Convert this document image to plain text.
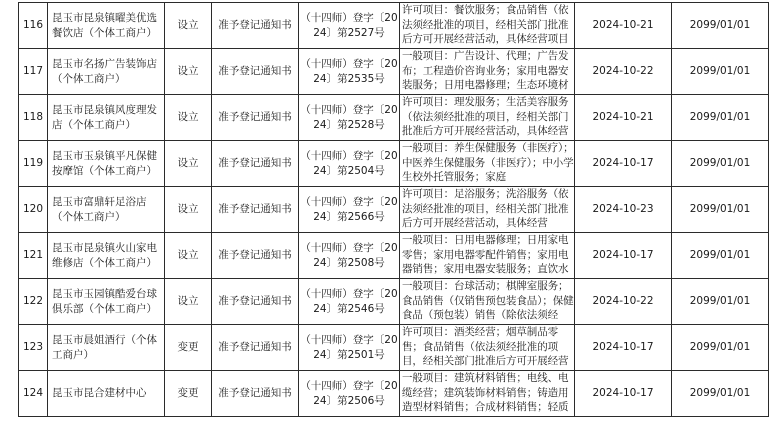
116	昆玉市昆泉镇曜美优选餐饮店（个体工商户）	设立	准予登记通知书	（十四师）登字〔2024〕第2527号	许可项目：餐饮服务；食品销售（依法须经批准的项目，经相关部门批准后方可开展经营活动，具体经营项目	2024-10-21	2099/01/01

117	昆玉市名扬广告装饰店（个体工商户）	设立	准予登记通知书	（十四师）登字〔2024〕第2535号	一般项目：广告设计、代理；广告发布；工程造价咨询业务；家用电器安装服务；日用电器修理；生态环境材	2024-10-22	2099/01/01

118	昆玉市昆泉镇风度理发店（个体工商户）	设立	准予登记通知书	（十四师）登字〔2024〕第2528号	许可项目：理发服务；生活美容服务（依法须经批准的项目，经相关部门批准后方可开展经营活动，具体经营	2024-10-21	2099/01/01

119	昆玉市玉泉镇平凡保健按摩馆（个体工商户）	设立	准予登记通知书	（十四师）登字〔2024〕第2504号	一般项目：养生保健服务（非医疗）；中医养生保健服务（非医疗）；中小学生校外托管服务；家庭	2024-10-17	2099/01/01

120	昆玉市富鼎轩足浴店（个体工商户）	设立	准予登记通知书	（十四师）登字〔2024〕第2566号	许可项目：足浴服务；洗浴服务（依法须经批准的项目，经相关部门批准后方可开展经营活动，具体经营	2024-10-23	2099/01/01

121	昆玉市昆泉镇火山家电维修店（个体工商户）	设立	准予登记通知书	（十四师）登字〔2024〕第2508号	一般项目：日用电器修理；日用家电零售；家用电器零配件销售；家用电器销售；家用电器安装服务；直饮水	2024-10-17	2099/01/01

122	昆玉市玉园镇酷爱台球俱乐部（个体工商户）	设立	准予登记通知书	（十四师）登字〔2024〕第2546号	一般项目：台球活动；棋牌室服务；食品销售（仅销售预包装食品）；保健食品（预包装）销售（除依法须经	2024-10-22	2099/01/01

123	昆玉市晨姐酒行（个体工商户）	变更	准予登记通知书	（十四师）登字〔2024〕第2501号	许可项目：酒类经营；烟草制品零售；食品销售（依法须经批准的项目，经相关部门批准后方可开展经营	2024-10-17	2099/01/01

124	昆玉市昆合建材中心	变更	准予登记通知书	（十四师）登字〔2024〕第2506号	一般项目：建筑材料销售；电线、电缆经营；建筑装饰材料销售；铸造用造型材料销售；合成材料销售；轻质	2024-10-17	2099/01/01
